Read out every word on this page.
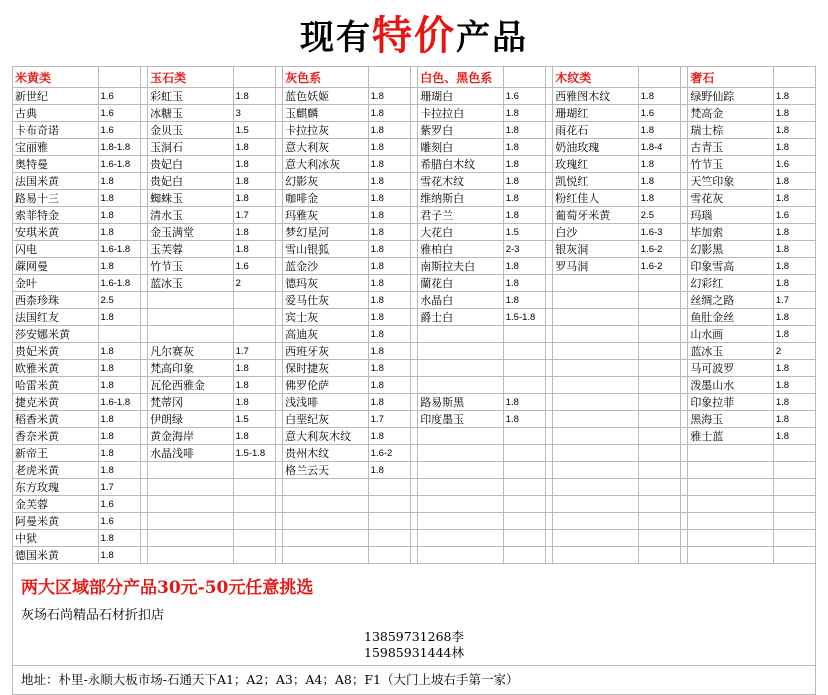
现有特价产品
米黄类			玉石类			灰色系			白色、黑色系			木纹类			奢石	
新世纪	1.6		彩虹玉	1.8		蓝色妖姬	1.8		珊瑚白	1.6		西雅图木纹	1.8		绿野仙踪	1.8
古典	1.6		冰糖玉	3		玉麒麟	1.8		卡拉拉白	1.8		珊瑚红	1.6		梵高金	1.8
卡布奇诺	1.6		金贝玉	1.5		卡拉拉灰	1.8		紫罗白	1.8		雨花石	1.8		瑞士棕	1.8
宝丽雅	1.8-1.8		玉洞石	1.8		意大利灰	1.8		雕刻白	1.8		奶油玫瑰	1.8-4		古青玉	1.8
奥特曼	1.6-1.8		贵妃白	1.8		意大利冰灰	1.8		希腊白木纹	1.8		玫瑰红	1.8		竹节玉	1.6
法国米黄	1.8		贵妃白	1.8		幻影灰	1.8		雪花木纹	1.8		凯悦红	1.8		天竺印象	1.8
路易十三	1.8		蜘蛛玉	1.8		咖啡金	1.8		维纳斯白	1.8		粉红佳人	1.8		雪花灰	1.8
索菲特金	1.8		清水玉	1.7		玛雅灰	1.8		君子兰	1.8		葡萄牙米黄	2.5		玛瑙	1.6
安琪米黄	1.8		金玉满堂	1.8		梦幻星河	1.8		大花白	1.5		白沙	1.6-3		毕加索	1.8
闪电	1.6-1.8		玉芙蓉	1.8		雪山银狐	1.8		雅柏白	2-3		银灰洞	1.6-2		幻影黑	1.8
蔴网曼	1.8		竹节玉	1.6		蓝金沙	1.8		南斯拉夫白	1.8		罗马洞	1.6-2		印象雪高	1.8
金叶	1.6-1.8		蓝冰玉	2		德玛灰	1.8		蘭花白	1.8					幻彩红	1.8
西柰珍珠	2.5					爱马仕灰	1.8		水晶白	1.8					丝绸之路	1.7
法国红友	1.8					宾士灰	1.8		爵士白	1.5-1.8					鱼肚金丝	1.8
莎安娜米黄						高迪灰	1.8								山水画	1.8
贵妃米黄	1.8		凡尔赛灰	1.7		西班牙灰	1.8								蓝冰玉	2
欧雅米黄	1.8		梵高印象	1.8		保时捷灰	1.8								马可波罗	1.8
哈雷米黄	1.8		瓦伦西雅金	1.8		佛罗伦萨	1.8								泼墨山水	1.8
捷克米黄	1.6-1.8		梵蒂冈	1.8		浅浅啡	1.8		路易斯黑	1.8					印象拉菲	1.8
稻香米黄	1.8		伊朗绿	1.5		白堊纪灰	1.7		印度墨玉	1.8					黑海玉	1.8
香奈米黄	1.8		黄金海岸	1.8		意大利灰木纹	1.8								雅士蓝	1.8
新帝王	1.8		水晶浅啡	1.5-1.8		贵州木纹	1.6-2									
老虎米黄	1.8					格兰云天	1.8									
东方玫瑰	1.7															
金芙蓉	1.6															
阿曼米黄	1.6															
中狱	1.8															
德国米黄	1.8															
两大区域部分产品30元-50元任意挑选
灰场石尚精品石材折扣店
13859731268李
15985931444林
地址：朴里-永顺大板市场-石通天下A1；A2；A3；A4；A8；F1（大门上坡右手第一家）
